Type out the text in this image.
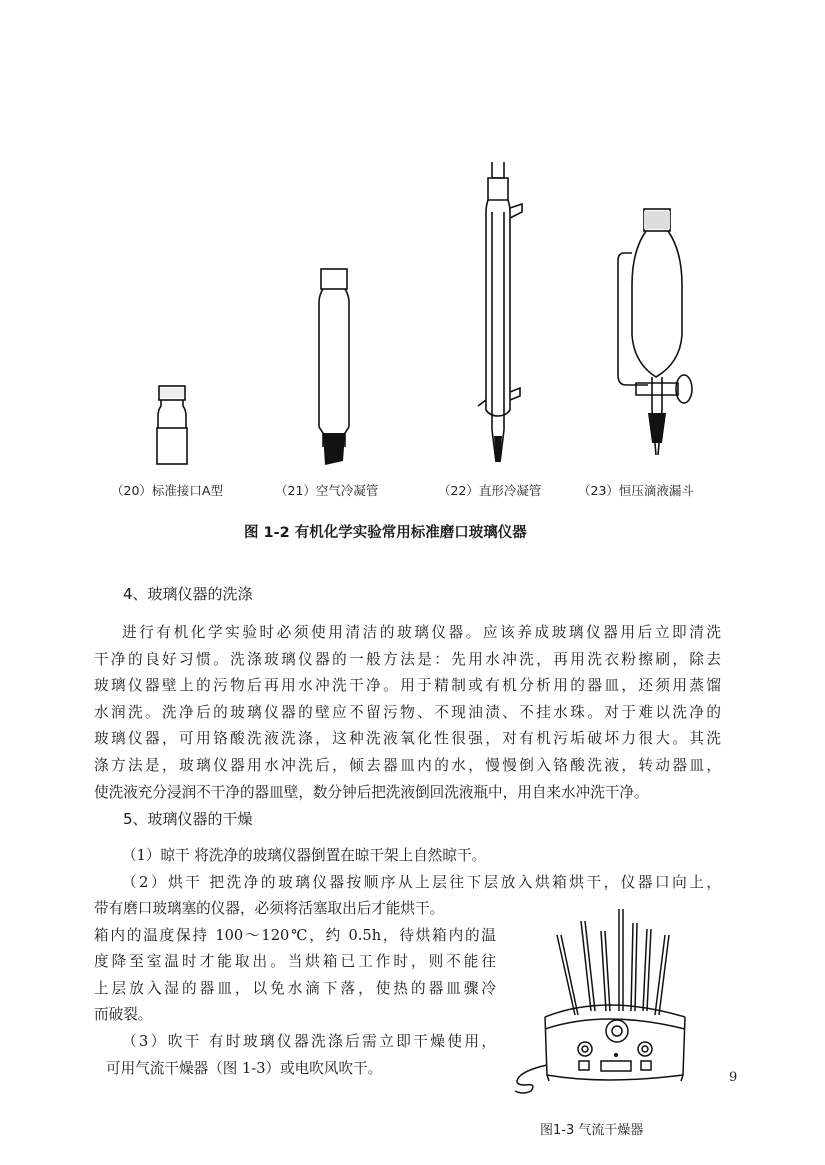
（20）标准接口A型	（21）空气冷凝管	（22）直形冷凝管	（23）恒压滴液漏斗
图 1-2 有机化学实验常用标准磨口玻璃仪器
4、玻璃仪器的洗涤
进行有机化学实验时必须使用清洁的玻璃仪器。应该养成玻璃仪器用后立即清洗
干净的良好习惯。洗涤玻璃仪器的一般方法是：先用水冲洗，再用洗衣粉擦刷，除去
玻璃仪器壁上的污物后再用水冲洗干净。用于精制或有机分析用的器皿，还须用蒸馏
水润洗。洗净后的玻璃仪器的壁应不留污物、不现油渍、不挂水珠。对于难以洗净的
玻璃仪器，可用铬酸洗液洗涤，这种洗液氧化性很强，对有机污垢破坏力很大。其洗
涤方法是，玻璃仪器用水冲洗后，倾去器皿内的水，慢慢倒入铬酸洗液，转动器皿，
使洗液充分浸润不干净的器皿壁，数分钟后把洗液倒回洗液瓶中，用自来水冲洗干净。
5、玻璃仪器的干燥
（1）晾干 将洗净的玻璃仪器倒置在晾干架上自然晾干。
（2）烘干 把洗净的玻璃仪器按顺序从上层往下层放入烘箱烘干，仪器口向上，
带有磨口玻璃塞的仪器，必须将活塞取出后才能烘干。
箱内的温度保持 100～120℃，约 0.5h，待烘箱内的温
度降至室温时才能取出。当烘箱已工作时，则不能往
上层放入湿的器皿，以免水滴下落，使热的器皿骤冷
而破裂。
（3）吹干 有时玻璃仪器洗涤后需立即干燥使用，
可用气流干燥器（图 1-3）或电吹风吹干。
9
图1-3 气流干燥器
